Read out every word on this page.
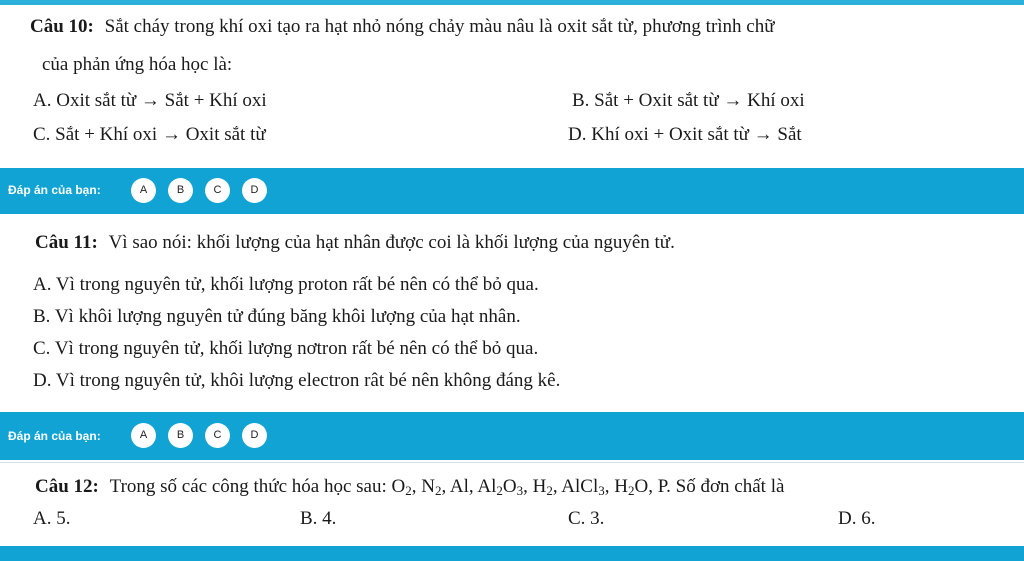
Câu 10: Sắt cháy trong khí oxi tạo ra hạt nhỏ nóng chảy màu nâu là oxit sắt từ, phương trình chữ
của phản ứng hóa học là:
A. Oxit sắt từ → Sắt + Khí oxi	B. Sắt + Oxit sắt từ → Khí oxi
C. Sắt + Khí oxi → Oxit sắt từ	D. Khí oxi + Oxit sắt từ → Sắt
Đáp án của bạn:	A	B	C	D
Câu 11: Vì sao nói: khối lượng của hạt nhân được coi là khối lượng của nguyên tử.
A. Vì trong nguyên tử, khối lượng proton rất bé nên có thể bỏ qua.
B. Vì khôi lượng nguyên tử đúng băng khôi lượng của hạt nhân.
C. Vì trong nguyên tử, khối lượng nơtron rất bé nên có thể bỏ qua.
D. Vì trong nguyên tử, khôi lượng electron rât bé nên không đáng kê.
Đáp án của bạn:	A	B	C	D
Câu 12: Trong số các công thức hóa học sau: $O_2$, $N_2$, Al, $Al_2O_3$, $H_2$, AlCl$_3$, $H_2O$, P. Số đơn chất là
A. 5.	B. 4.	C. 3.	D. 6.
